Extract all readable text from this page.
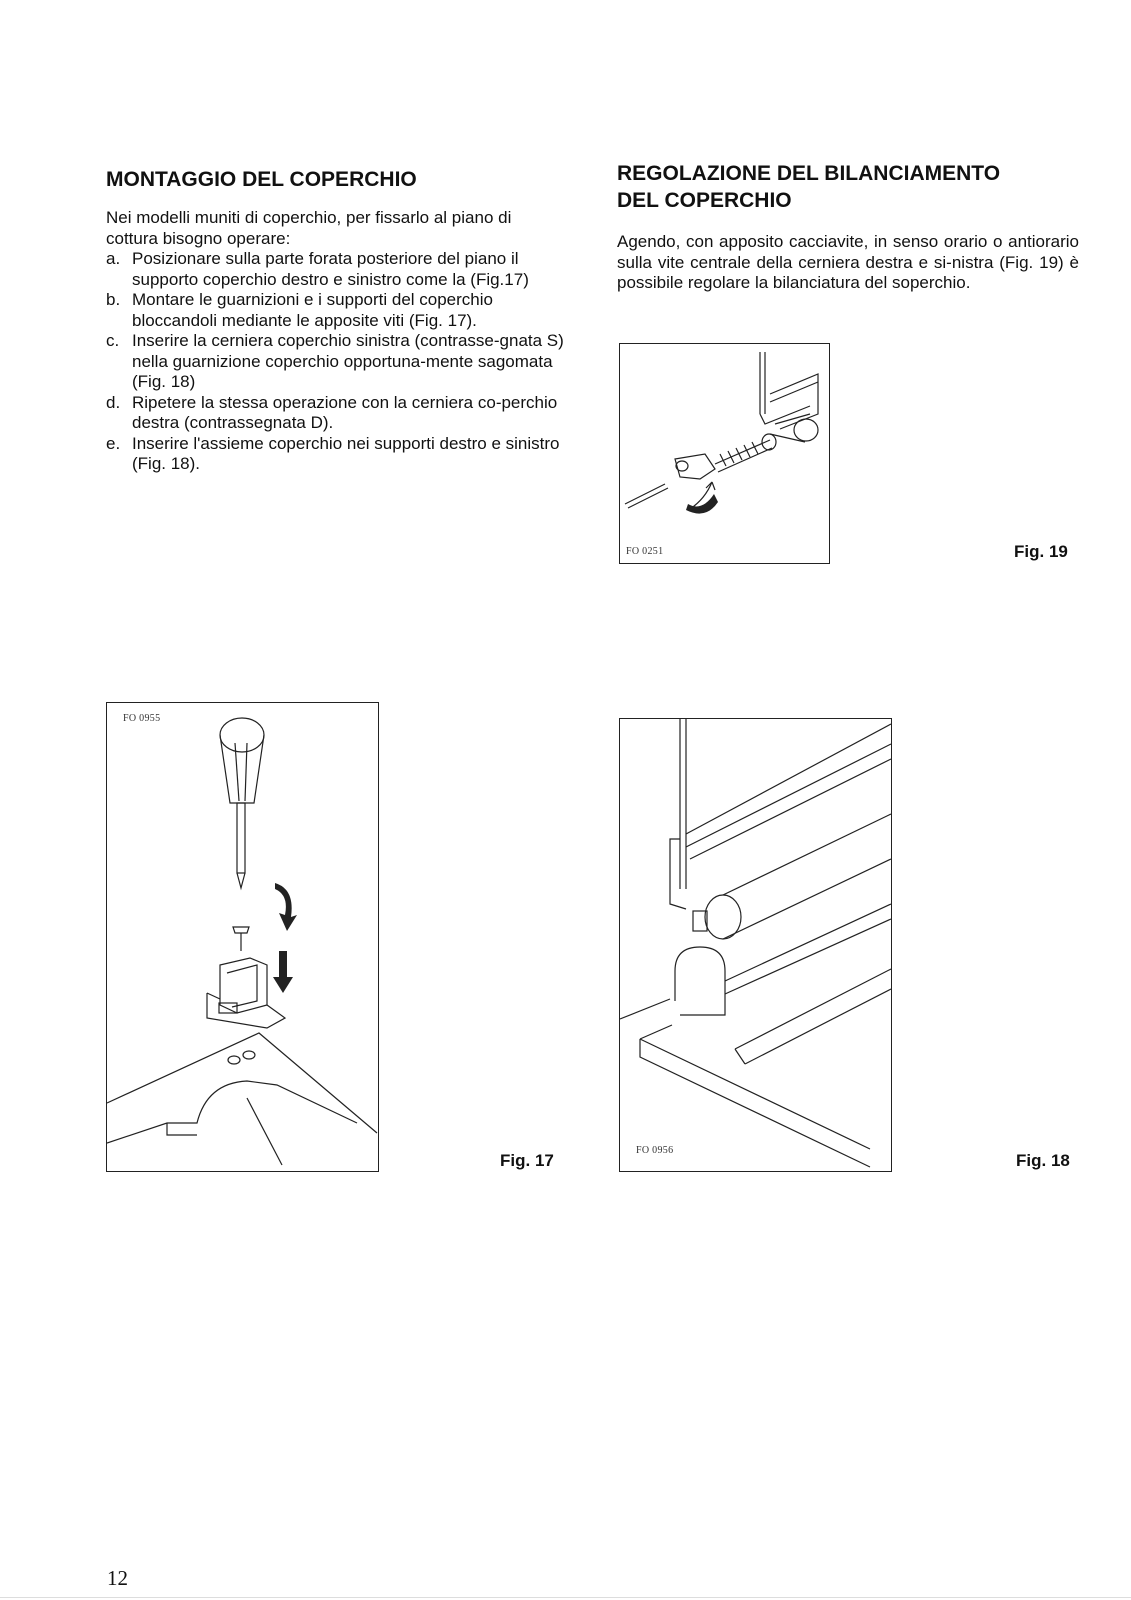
MONTAGGIO DEL COPERCHIO

Nei modelli muniti di coperchio, per fissarlo al piano di cottura bisogno operare:

a. Posizionare sulla parte forata posteriore del piano il supporto coperchio destro e sinistro come la (Fig.17)
b. Montare le guarnizioni e i supporti del coperchio bloccandoli mediante le apposite viti (Fig. 17).
c. Inserire la cerniera coperchio sinistra (contrasse-gnata S) nella guarnizione coperchio opportuna-mente sagomata (Fig. 18)
d. Ripetere la stessa operazione con la cerniera co-perchio destra (contrassegnata D).
e. Inserire l'assieme coperchio nei supporti destro e sinistro (Fig. 18).
REGOLAZIONE DEL BILANCIAMENTO
DEL COPERCHIO

Agendo, con apposito cacciavite, in senso orario o antiorario sulla vite centrale della cerniera destra e si-nistra (Fig. 19) è possibile regolare la bilanciatura del soperchio.

FO 0251	Fig. 19
FO 0955
Fig. 17
FO 0956
Fig. 18
12
